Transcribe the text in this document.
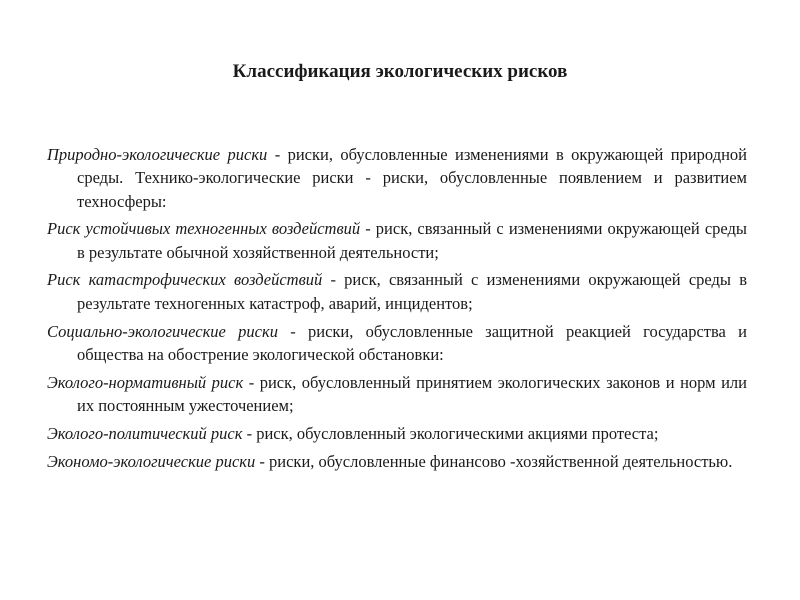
Классификация экологических рисков

Природно-экологические риски - риски, обусловленные изменениями в окружающей природной среды. Технико-экологические риски - риски, обусловленные появлением и развитием техносферы:

Риск устойчивых техногенных воздействий - риск, связанный с изменениями окружающей среды в результате обычной хозяйственной деятельности;

Риск катастрофических воздействий - риск, связанный с изменениями окружающей среды в результате техногенных катастроф, аварий, инцидентов;

Социально-экологические риски - риски, обусловленные защитной реакцией государства и общества на обострение экологической обстановки:

Эколого-нормативный риск - риск, обусловленный принятием экологических законов и норм или их постоянным ужесточением;

Эколого-политический риск - риск, обусловленный экологическими акциями протеста;

Экономо-экологические риски - риски, обусловленные финансово -хозяйственной деятельностью.
